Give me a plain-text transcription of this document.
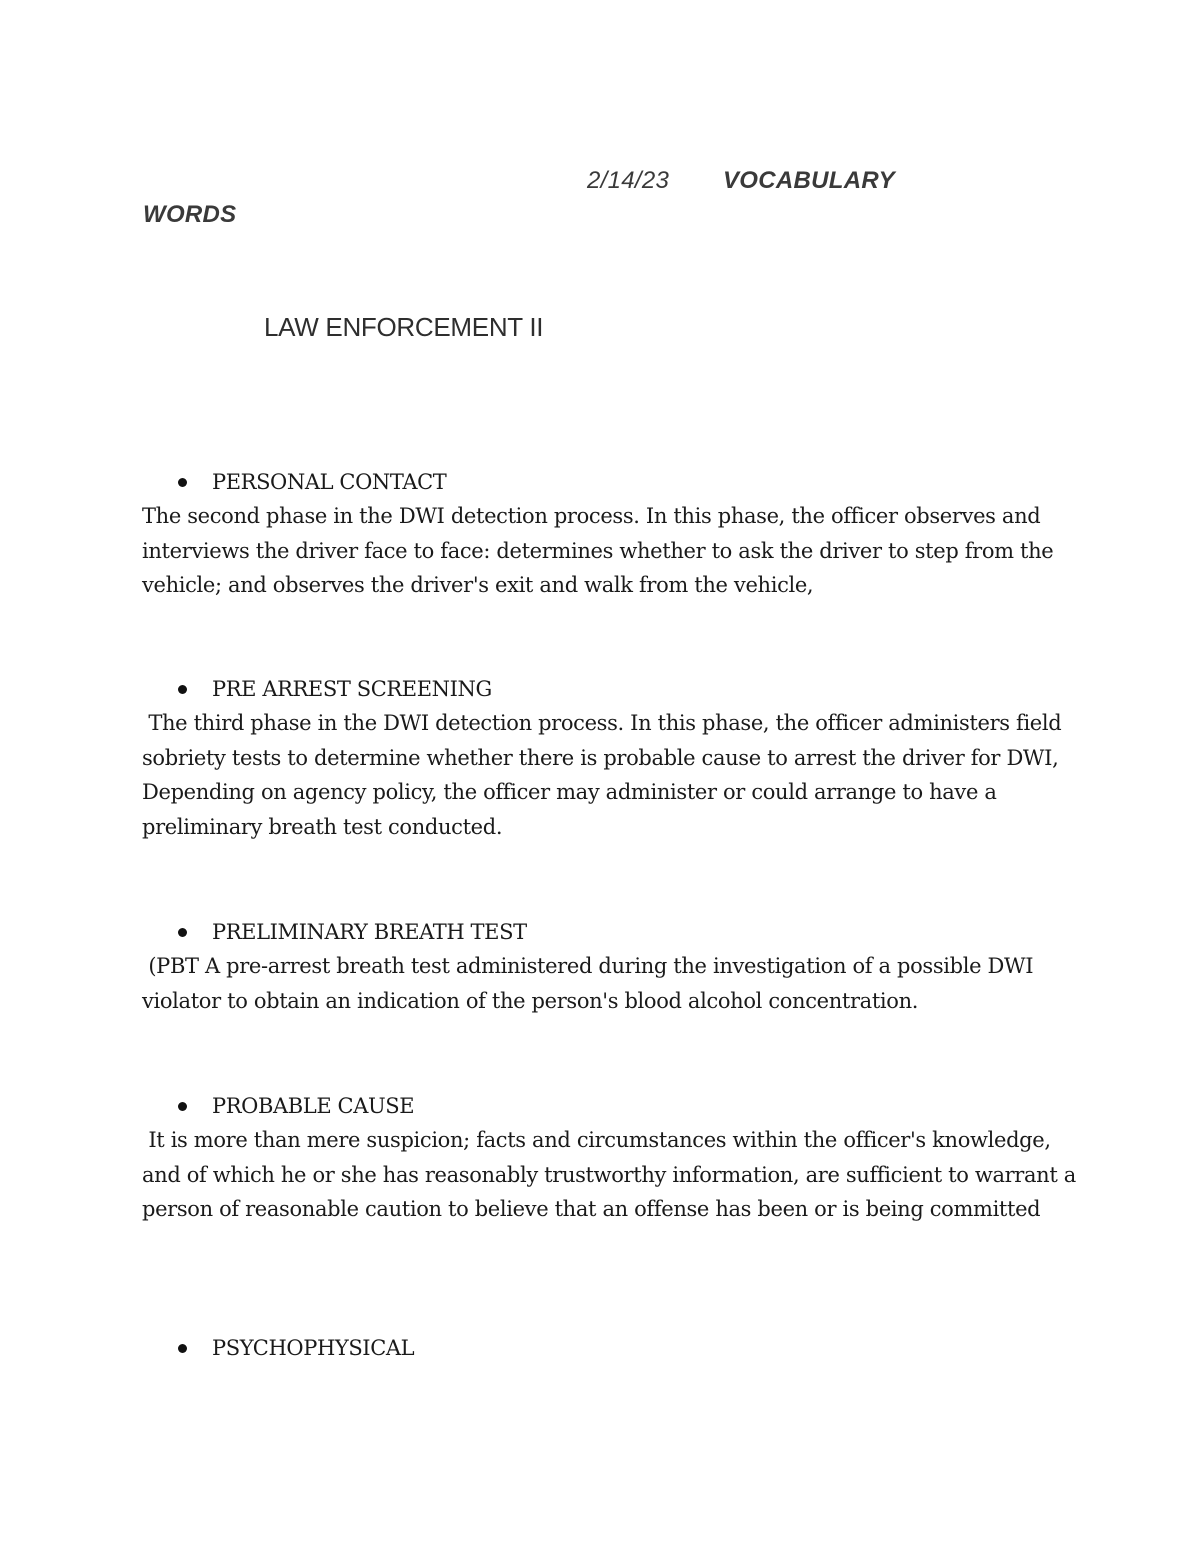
2/14/23 VOCABULARY
WORDS
LAW ENFORCEMENT II
PERSONAL CONTACT

The second phase in the DWI detection process. In this phase, the officer observes and interviews the driver face to face: determines whether to ask the driver to step from the vehicle; and observes the driver's exit and walk from the vehicle,

PRE ARREST SCREENING

The third phase in the DWI detection process. In this phase, the officer administers field sobriety tests to determine whether there is probable cause to arrest the driver for DWI, Depending on agency policy, the officer may administer or could arrange to have a preliminary breath test conducted.

PRELIMINARY BREATH TEST

(PBT A pre-arrest breath test administered during the investigation of a possible DWI violator to obtain an indication of the person's blood alcohol concentration.

PROBABLE CAUSE

It is more than mere suspicion; facts and circumstances within the officer's knowledge, and of which he or she has reasonably trustworthy information, are sufficient to warrant a person of reasonable caution to believe that an offense has been or is being committed

PSYCHOPHYSICAL
